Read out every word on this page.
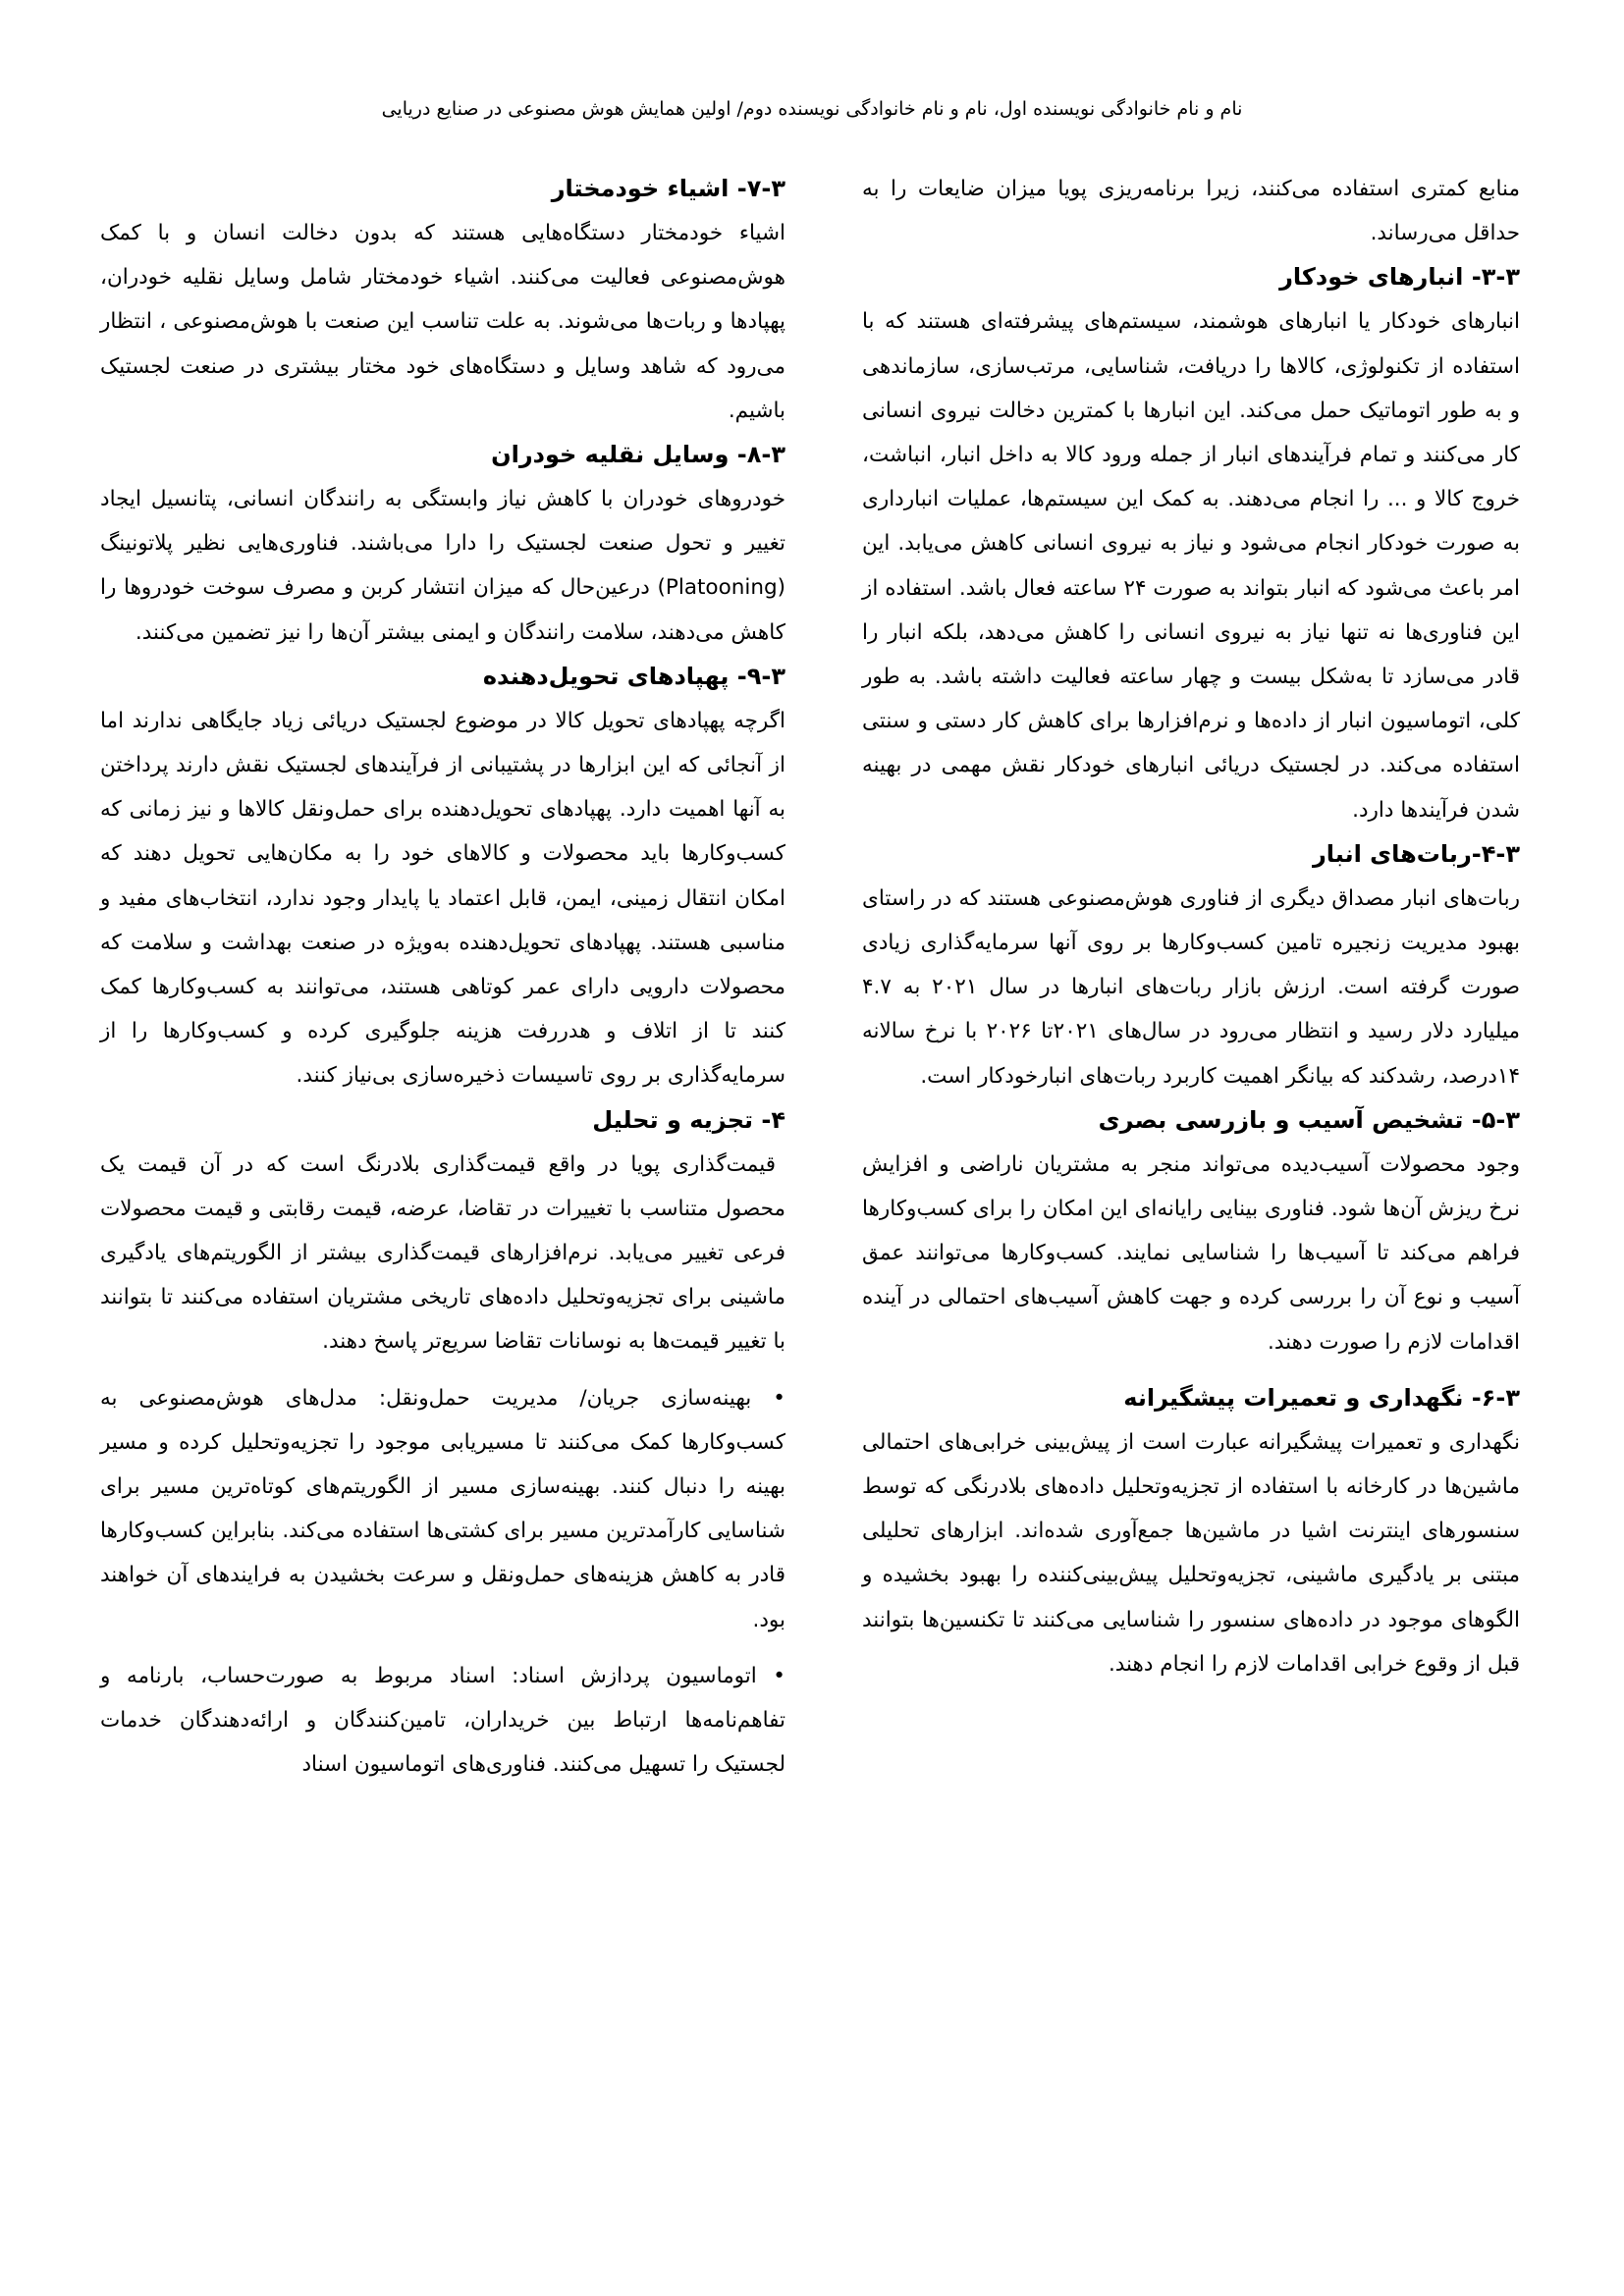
نام و نام خانوادگی نویسنده اول، نام و نام خانوادگی نویسنده دوم/ اولین همایش هوش مصنوعی در صنایع دریایی

منابع کمتری استفاده می‌کنند، زیرا برنامه‌ریزی پویا میزان ضایعات را به حداقل می‌رساند.

۳-۳- انبارهای خودکار

انبارهای خودکار یا انبارهای هوشمند، سیستم‌های پیشرفته‌ای هستند که با استفاده از تکنولوژی، کالاها را دریافت، شناسایی، مرتب‌سازی، سازماندهی و به طور اتوماتیک حمل می‌کند. این انبارها با کمترین دخالت نیروی انسانی کار می‌کنند و تمام فرآیندهای انبار از جمله ورود کالا به داخل انبار، انباشت، خروج کالا و ... را انجام می‌دهند. به کمک این سیستم‌ها، عملیات انبارداری به صورت خودکار انجام می‌شود و نیاز به نیروی انسانی کاهش می‌یابد. این امر باعث می‌شود که انبار بتواند به صورت ۲۴ ساعته فعال باشد. استفاده از این فناوری‌ها نه تنها نیاز به نیروی انسانی را کاهش می‌دهد، بلکه انبار را قادر می‌سازد تا به‌شکل بیست و چهار ساعته فعالیت داشته باشد. به طور کلی، اتوماسیون انبار از داده‌ها و نرم‌افزارها برای کاهش کار دستی و سنتی استفاده می‌کند. در لجستیک دریائی انبارهای خودکار نقش مهمی در بهینه شدن فرآیندها دارد.

۴-۳-ربات‌های انبار

ربات‌های انبار مصداق دیگری از فناوری هوش‌مصنوعی هستند که در راستای بهبود مدیریت زنجیره تامین کسب‌وکارها بر روی آنها سرمایه‌گذاری زیادی صورت گرفته است. ارزش بازار ربات‌های انبارها در سال ۲۰۲۱ به ۴.۷ میلیارد دلار رسید و انتظار می‌رود در سال‌های ۲۰۲۱تا ۲۰۲۶ با نرخ سالانه ۱۴درصد، رشدکند که بیانگر اهمیت کاربرد ربات‌های انبارخودکار است.

۵-۳- تشخیص آسیب و بازرسی بصری

وجود محصولات آسیب‌دیده می‌تواند منجر به مشتریان ناراضی و افزایش نرخ ریزش آن‌ها شود. فناوری بینایی رایانه‌ای این امکان را برای کسب‌وکارها فراهم می‌کند تا آسیب‌ها را شناسایی نمایند. کسب‌وکارها می‌توانند عمق آسیب و نوع آن را بررسی کرده و جهت کاهش آسیب‌های احتمالی در آینده اقدامات لازم را صورت دهند.

۶-۳- نگهداری و تعمیرات پیشگیرانه

نگهداری و تعمیرات پیشگیرانه عبارت است از پیش‌بینی خرابی‌های احتمالی ماشین‌ها در کارخانه با استفاده از تجزیه‌وتحلیل داده‌های بلادرنگی که توسط سنسورهای اینترنت اشیا در ماشین‌ها جمع‌آوری شده‌اند. ابزارهای تحلیلی مبتنی بر یادگیری ماشینی، تجزیه‌وتحلیل پیش‌بینی‌کننده را بهبود بخشیده و الگوهای موجود در داده‌های سنسور را شناسایی می‌کنند تا تکنسین‌ها بتوانند قبل از وقوع خرابی اقدامات لازم را انجام دهند.

۷-۳- اشیاء خودمختار

اشیاء خودمختار دستگاه‌هایی هستند که بدون دخالت انسان و با کمک هوش‌مصنوعی فعالیت می‌کنند. اشیاء خودمختار شامل وسایل نقلیه خودران، پهپادها و ربات‌ها می‌شوند. به علت تناسب این صنعت با هوش‌مصنوعی ، انتظار می‌رود که شاهد وسایل و دستگاه‌های خود مختار بیشتری در صنعت لجستیک باشیم.

۸-۳- وسایل نقلیه خودران

خودروهای خودران با کاهش نیاز وابستگی به رانندگان انسانی، پتانسیل ایجاد تغییر و تحول صنعت لجستیک را دارا می‌باشند. فناوری‌هایی نظیر پلاتونینگ (Platooning) درعین‌حال که میزان انتشار کربن و مصرف سوخت خودروها را کاهش می‌دهند، سلامت رانندگان و ایمنی بیشتر آن‌ها را نیز تضمین می‌کنند.

۹-۳- پهپادهای تحویل‌دهنده

اگرچه پهپادهای تحویل کالا در موضوع لجستیک دریائی زیاد جایگاهی ندارند اما از آنجائی که این ابزارها در پشتیبانی از فرآیندهای لجستیک نقش دارند پرداختن به آنها اهمیت دارد. پهپادهای تحویل‌دهنده برای حمل‌ونقل کالاها و نیز زمانی که کسب‌وکارها باید محصولات و کالاهای خود را به مکان‌هایی تحویل دهند که امکان انتقال زمینی، ایمن، قابل اعتماد یا پایدار وجود ندارد، انتخاب‌های مفید و مناسبی هستند. پهپادهای تحویل‌دهنده به‌ویژه در صنعت بهداشت و سلامت که محصولات دارویی دارای عمر کوتاهی هستند، می‌توانند به کسب‌وکارها کمک کنند تا از اتلاف و هدررفت هزینه جلوگیری کرده و کسب‌وکارها را از سرمایه‌گذاری بر روی تاسیسات ذخیره‌سازی بی‌نیاز کنند.

۴- تجزیه و تحلیل

قیمت‌گذاری پویا در واقع قیمت‌گذاری بلادرنگ است که در آن قیمت یک محصول متناسب با تغییرات در تقاضا، عرضه، قیمت رقابتی و قیمت محصولات فرعی تغییر می‌یابد. نرم‌افزارهای قیمت‌گذاری بیشتر از الگوریتم‌های یادگیری ماشینی برای تجزیه‌وتحلیل داده‌های تاریخی مشتریان استفاده می‌کنند تا بتوانند با تغییر قیمت‌ها به نوسانات تقاضا سریع‌تر پاسخ دهند.

• بهینه‌سازی جریان/ مدیریت حمل‌ونقل: مدل‌های هوش‌مصنوعی به کسب‌وکارها کمک می‌کنند تا مسیریابی موجود را تجزیه‌وتحلیل کرده و مسیر بهینه را دنبال کنند. بهینه‌سازی مسیر از الگوریتم‌های کوتاه‌ترین مسیر برای شناسایی کارآمدترین مسیر برای کشتی‌ها استفاده می‌کند. بنابراین کسب‌وکارها قادر به کاهش هزینه‌های حمل‌ونقل و سرعت بخشیدن به فرایندهای آن خواهند بود.

• اتوماسیون پردازش اسناد: اسناد مربوط به صورت‌حساب، بارنامه و تفاهم‌نامه‌ها ارتباط بین خریداران، تامین‌کنندگان و ارائه‌دهندگان خدمات لجستیک را تسهیل می‌کنند. فناوری‌های اتوماسیون اسناد
